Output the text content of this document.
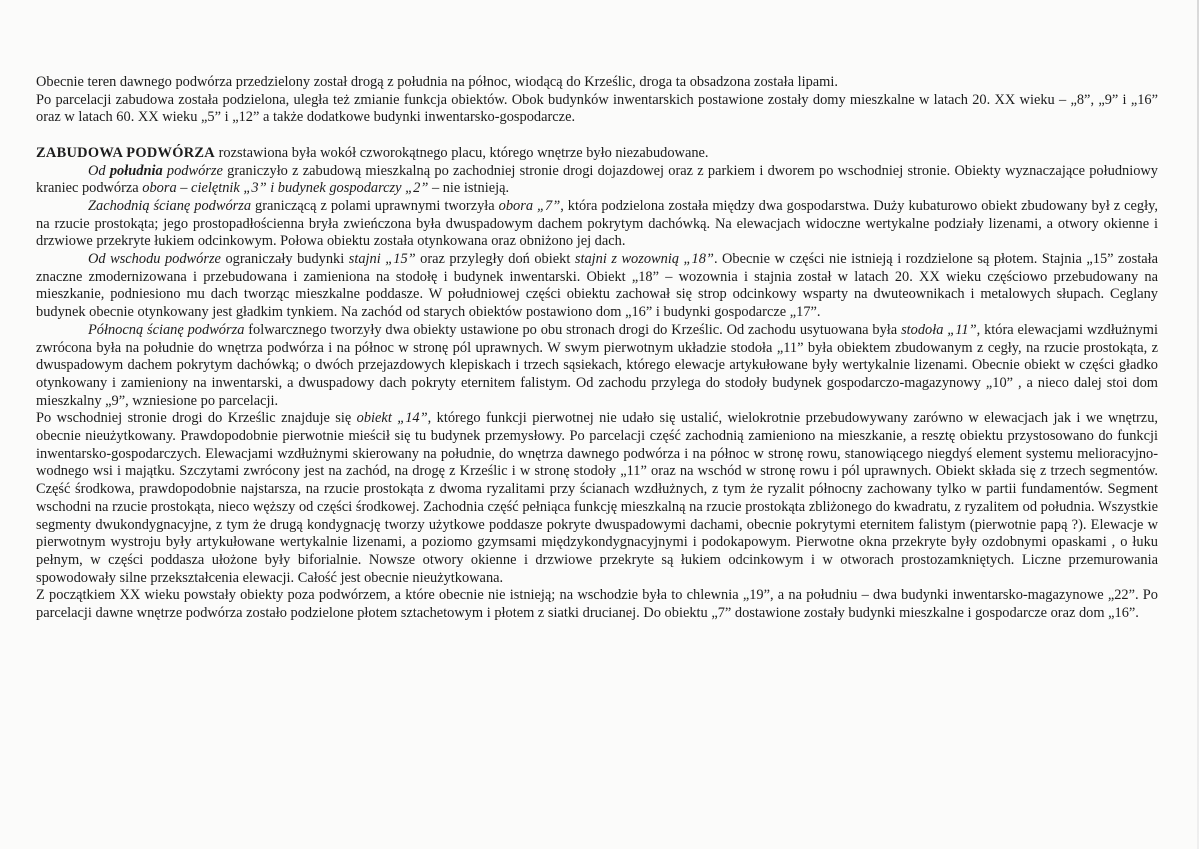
Obecnie teren dawnego podwórza przedzielony został drogą z południa na północ, wiodącą do Krześlic, droga ta obsadzona została lipami.

Po parcelacji zabudowa została podzielona, uległa też zmianie funkcja obiektów. Obok budynków inwentarskich postawione zostały domy mieszkalne w latach 20. XX wieku – „8”, „9” i „16” oraz w latach 60. XX wieku „5” i „12” a także dodatkowe budynki inwentarsko-gospodarcze.

ZABUDOWA PODWÓRZA rozstawiona była wokół czworokątnego placu, którego wnętrze było niezabudowane.

Od południa podwórze graniczyło z zabudową mieszkalną po zachodniej stronie drogi dojazdowej oraz z parkiem i dworem po wschodniej stronie. Obiekty wyznaczające południowy kraniec podwórza obora – cielętnik „3” i budynek gospodarczy „2” – nie istnieją.

Zachodnią ścianę podwórza graniczącą z polami uprawnymi tworzyła obora „7”, która podzielona została między dwa gospodarstwa. Duży kubaturowo obiekt zbudowany był z cegły, na rzucie prostokąta; jego prostopadłościenna bryła zwieńczona była dwuspadowym dachem pokrytym dachówką. Na elewacjach widoczne wertykalne podziały lizenami, a otwory okienne i drzwiowe przekryte łukiem odcinkowym. Połowa obiektu została otynkowana oraz obniżono jej dach.

Od wschodu podwórze ograniczały budynki stajni „15” oraz przyległy doń obiekt stajni z wozownią „18”. Obecnie w części nie istnieją i rozdzielone są płotem. Stajnia „15” została znaczne zmodernizowana i przebudowana i zamieniona na stodołę i budynek inwentarski. Obiekt „18” – wozownia i stajnia został w latach 20. XX wieku częściowo przebudowany na mieszkanie, podniesiono mu dach tworząc mieszkalne poddasze. W południowej części obiektu zachował się strop odcinkowy wsparty na dwuteownikach i metalowych słupach. Ceglany budynek obecnie otynkowany jest gładkim tynkiem. Na zachód od starych obiektów postawiono dom „16” i budynki gospodarcze „17”.

Północną ścianę podwórza folwarcznego tworzyły dwa obiekty ustawione po obu stronach drogi do Krześlic. Od zachodu usytuowana była stodoła „11”, która elewacjami wzdłużnymi zwrócona była na południe do wnętrza podwórza i na północ w stronę pól uprawnych. W swym pierwotnym układzie stodoła „11” była obiektem zbudowanym z cegły, na rzucie prostokąta, z dwuspadowym dachem pokrytym dachówką; o dwóch przejazdowych klepiskach i trzech sąsiekach, którego elewacje artykułowane były wertykalnie lizenami. Obecnie obiekt w części gładko otynkowany i zamieniony na inwentarski, a dwuspadowy dach pokryty eternitem falistym. Od zachodu przylega do stodoły budynek gospodarczo-magazynowy „10” , a nieco dalej stoi dom mieszkalny „9”, wzniesione po parcelacji.

Po wschodniej stronie drogi do Krześlic znajduje się obiekt „14”, którego funkcji pierwotnej nie udało się ustalić, wielokrotnie przebudowywany zarówno w elewacjach jak i we wnętrzu, obecnie nieużytkowany. Prawdopodobnie pierwotnie mieścił się tu budynek przemysłowy. Po parcelacji część zachodnią zamieniono na mieszkanie, a resztę obiektu przystosowano do funkcji inwentarsko-gospodarczych. Elewacjami wzdłużnymi skierowany na południe, do wnętrza dawnego podwórza i na północ w stronę rowu, stanowiącego niegdyś element systemu melioracyjno-wodnego wsi i majątku. Szczytami zwrócony jest na zachód, na drogę z Krześlic i w stronę stodoły „11” oraz na wschód w stronę rowu i pól uprawnych. Obiekt składa się z trzech segmentów. Część środkowa, prawdopodobnie najstarsza, na rzucie prostokąta z dwoma ryzalitami przy ścianach wzdłużnych, z tym że ryzalit północny zachowany tylko w partii fundamentów. Segment wschodni na rzucie prostokąta, nieco węższy od części środkowej. Zachodnia część pełniąca funkcję mieszkalną na rzucie prostokąta zbliżonego do kwadratu, z ryzalitem od południa. Wszystkie segmenty dwukondygnacyjne, z tym że drugą kondygnację tworzy użytkowe poddasze pokryte dwuspadowymi dachami, obecnie pokrytymi eternitem falistym (pierwotnie papą ?). Elewacje w pierwotnym wystroju były artykułowane wertykalnie lizenami, a poziomo gzymsami międzykondygnacyjnymi i podokapowym. Pierwotne okna przekryte były ozdobnymi opaskami , o łuku pełnym, w części poddasza ułożone były biforialnie. Nowsze otwory okienne i drzwiowe przekryte są łukiem odcinkowym i w otworach prostozamkniętych. Liczne przemurowania spowodowały silne przekształcenia elewacji. Całość jest obecnie nieużytkowana.

Z początkiem XX wieku powstały obiekty poza podwórzem, a które obecnie nie istnieją; na wschodzie była to chlewnia „19”, a na południu – dwa budynki inwentarsko-magazynowe „22”. Po parcelacji dawne wnętrze podwórza zostało podzielone płotem sztachetowym i płotem z siatki drucianej. Do obiektu „7” dostawione zostały budynki mieszkalne i gospodarcze oraz dom „16”.
